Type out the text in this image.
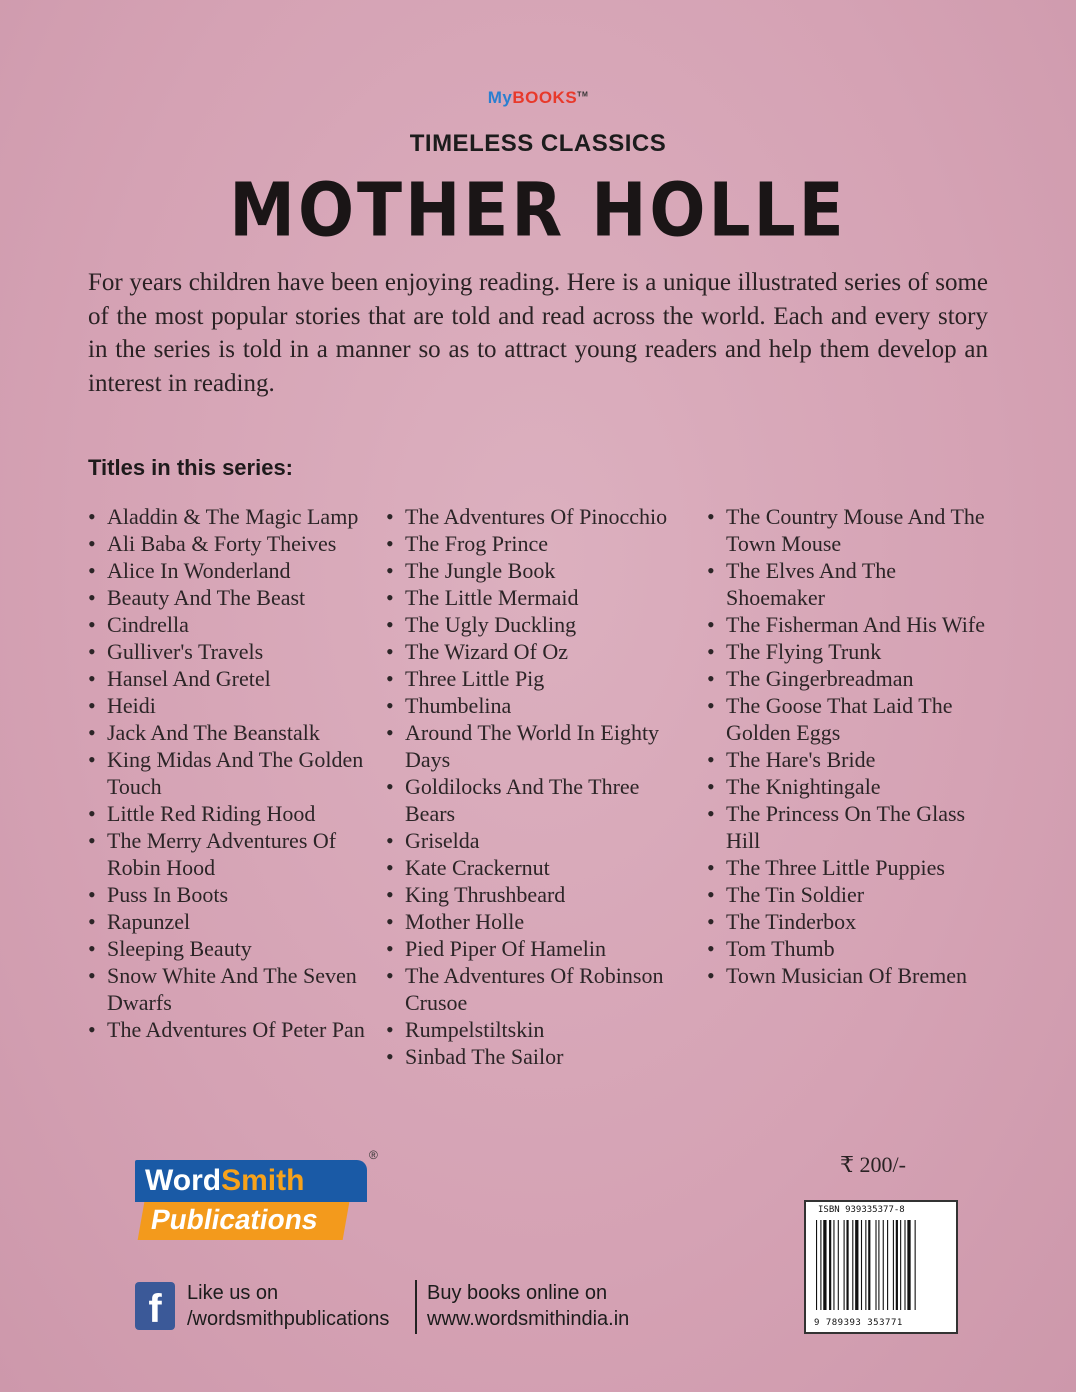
MyBOOKS™
TIMELESS CLASSICS
MOTHER HOLLE

For years children have been enjoying reading. Here is a unique illustrated series of some of the most popular stories that are told and read across the world. Each and every story in the series is told in a manner so as to attract young readers and help them develop an interest in reading.

Titles in this series:
• Aladdin & The Magic Lamp
• Ali Baba & Forty Theives
• Alice In Wonderland
• Beauty And The Beast
• Cindrella
• Gulliver's Travels
• Hansel And Gretel
• Heidi
• Jack And The Beanstalk
• King Midas And The Golden Touch
• Little Red Riding Hood
• The Merry Adventures Of Robin Hood
• Puss In Boots
• Rapunzel
• Sleeping Beauty
• Snow White And The Seven Dwarfs
• The Adventures Of Peter Pan
• The Adventures Of Pinocchio
• The Frog Prince
• The Jungle Book
• The Little Mermaid
• The Ugly Duckling
• The Wizard Of Oz
• Three Little Pig
• Thumbelina
• Around The World In Eighty Days
• Goldilocks And The Three Bears
• Griselda
• Kate Crackernut
• King Thrushbeard
• Mother Holle
• Pied Piper Of Hamelin
• The Adventures Of Robinson Crusoe
• Rumpelstiltskin
• Sinbad The Sailor
• The Country Mouse And The Town Mouse
• The Elves And The Shoemaker
• The Fisherman And His Wife
• The Flying Trunk
• The Gingerbreadman
• The Goose That Laid The Golden Eggs
• The Hare's Bride
• The Knightingale
• The Princess On The Glass Hill
• The Three Little Puppies
• The Tin Soldier
• The Tinderbox
• Tom Thumb
• Town Musician Of Bremen
₹ 200/-
WordSmith
Publications
®
ISBN 939335377-8
9 789393 353771
f	Like us on
/wordsmithpublications
Buy books online on
www.wordsmithindia.in
